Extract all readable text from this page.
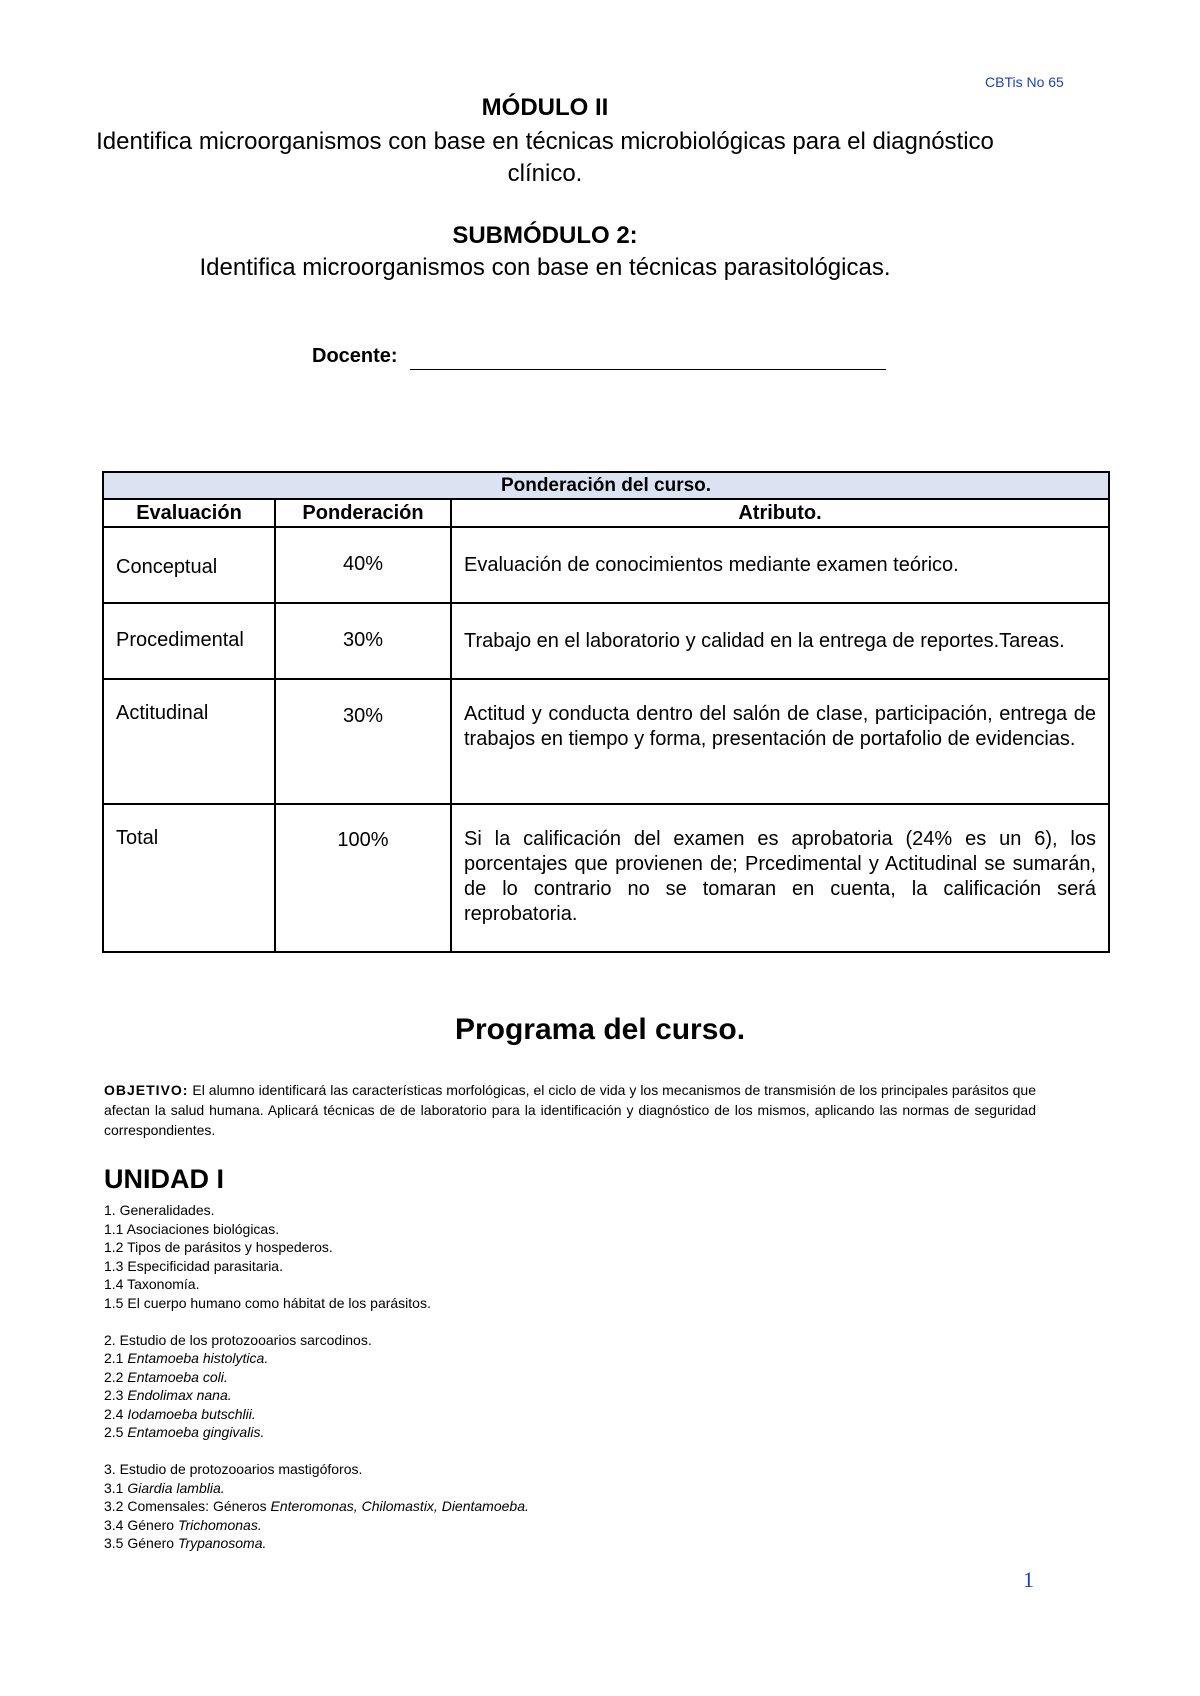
CBTis No 65
MÓDULO II
Identifica microorganismos con base en técnicas microbiológicas para el diagnóstico
clínico.
SUBMÓDULO 2:
Identifica microorganismos con base en técnicas parasitológicas.
Docente:
Ponderación del curso.		
Evaluación	Ponderación	Atributo.
Conceptual	40%	Evaluación de conocimientos mediante examen teórico.
Procedimental	30%	Trabajo en el laboratorio y calidad en la entrega de reportes.Tareas.
Actitudinal	30%	Actitud y conducta dentro del salón de clase, participación, entrega de trabajos en tiempo y forma, presentación de portafolio de evidencias.
Total	100%	Si la calificación del examen es aprobatoria (24% es un 6), los porcentajes que provienen de; Prcedimental y Actitudinal se sumarán, de lo contrario no se tomaran en cuenta, la calificación será reprobatoria.
Programa del curso.
OBJETIVO: El alumno identificará las características morfológicas, el ciclo de vida y los mecanismos de transmisión de los principales parásitos que afectan la salud humana. Aplicará técnicas de de laboratorio para la identificación y diagnóstico de los mismos, aplicando las normas de seguridad correspondientes.
UNIDAD I
1. Generalidades.
1.1 Asociaciones biológicas.
1.2 Tipos de parásitos y hospederos.
1.3 Especificidad parasitaria.
1.4 Taxonomía.
1.5 El cuerpo humano como hábitat de los parásitos.
2. Estudio de los protozooarios sarcodinos.
2.1 Entamoeba histolytica.
2.2 Entamoeba coli.
2.3 Endolimax nana.
2.4 Iodamoeba butschlii.
2.5 Entamoeba gingivalis.
3. Estudio de protozooarios mastigóforos.
3.1 Giardia lamblia.
3.2 Comensales: Géneros Enteromonas, Chilomastix, Dientamoeba.
3.4 Género Trichomonas.
3.5 Género Trypanosoma.
1
